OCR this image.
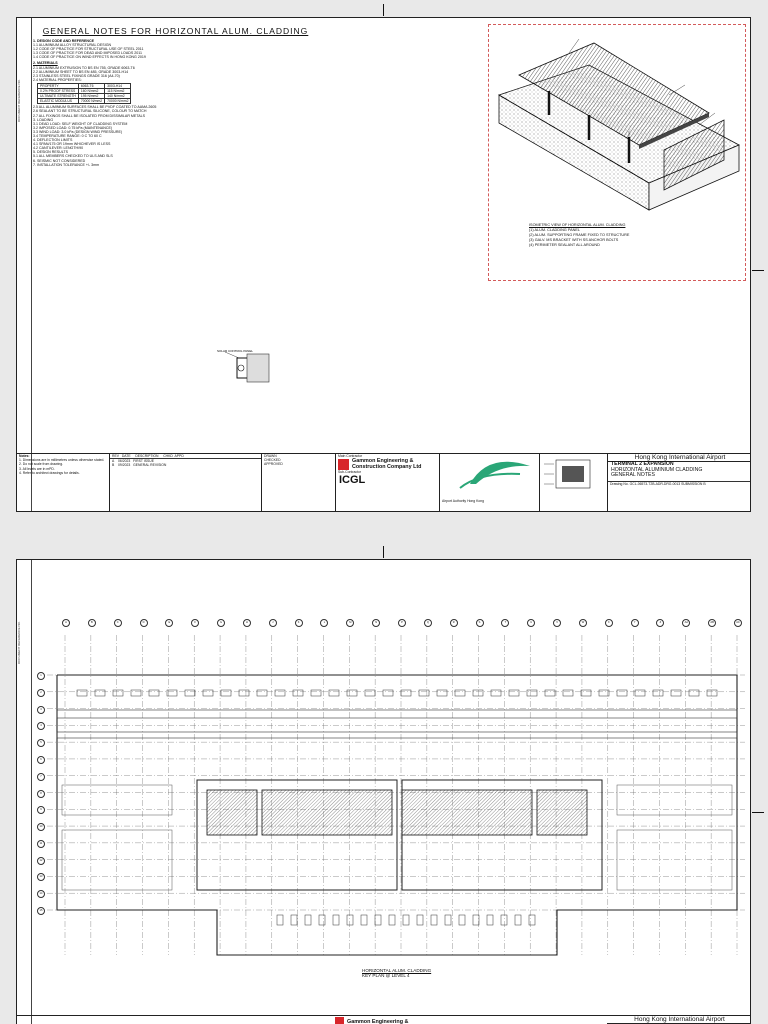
DOCUMENT REFERENCE NO.
GENERAL NOTES FOR HORIZONTAL ALUM. CLADDING
1. DESIGN CODE AND REFERENCE
1.1 ALUMINIUM ALLOY STRUCTURAL DESIGN
1.2 CODE OF PRACTICE FOR STRUCTURAL USE OF STEEL 2011
1.3 CODE OF PRACTICE FOR DEAD AND IMPOSED LOADS 2011
1.4 CODE OF PRACTICE ON WIND EFFECTS IN HONG KONG 2019
2. MATERIALS
2.1 ALUMINIUM EXTRUSION TO BS EN 755, GRADE 6063-T6
2.2 ALUMINIUM SHEET TO BS EN 485, GRADE 3003-H14
2.3 STAINLESS STEEL FIXINGS GRADE 316 (A4-70)
2.4 MATERIAL PROPERTIES:
PROPERTY	6063-T6	3003-H14
0.2% PROOF STRESS	160 N/mm2	115 N/mm2
ULTIMATE STRENGTH	195 N/mm2	140 N/mm2
ELASTIC MODULUS	70000 N/mm2	70000 N/mm2
2.5 ALL ALUMINIUM SURFACES SHALL BE PVDF COATED TO AAMA 2605
2.6 SEALANT TO BE STRUCTURAL SILICONE, COLOUR TO MATCH
2.7 ALL FIXINGS SHALL BE ISOLATED FROM DISSIMILAR METALS
3. LOADING
3.1 DEAD LOAD: SELF WEIGHT OF CLADDING SYSTEM
3.2 IMPOSED LOAD: 0.75 kPa (MAINTENANCE)
3.3 WIND LOAD: 3.0 kPa (DESIGN WIND PRESSURE)
3.4 TEMPERATURE RANGE: 0 C TO 60 C
4. DEFLECTION LIMITS
4.1 SPAN/175 OR 19mm WHICHEVER IS LESS
4.2 CANTILEVER: LENGTH/90
5. DESIGN RESULTS
5.1 ALL MEMBERS CHECKED TO ULS AND SLS
6. SEISMIC NOT CONSIDERED
7. INSTALLATION TOLERANCE +/- 3mm
SOLAR CONTROL PANEL
ISOMETRIC VIEW OF HORIZONTAL ALUM. CLADDING
(1) ALUM. CLADDING PANEL
(2) ALUM. SUPPORTING FRAME FIXED TO STRUCTURE
(3) GALV. MS BRACKET WITH SS ANCHOR BOLTS
(4) PERIMETER SEALANT ALL AROUND
Notes:
1. Dimensions are in millimetres unless otherwise stated.
2. Do not scale from drawing.
3. All levels are in mPD.
4. Refer to architect drawings for details.
REV DATE DESCRIPTION CHKD APPD
A 06/2023 FIRST ISSUE
B 09/2023 GENERAL REVISION
DRAWN
CHECKED
APPROVED
Main Contractor
Gammon Engineering & Construction Company Ltd
Sub-Contractor
ICGL
Airport Authority Hong Kong
Hong Kong International Airport
TERMINAL 2 EXPANSION
HORIZONTAL ALUMINIUM CLADDING
GENERAL NOTES
Drawing No. GCL-06573-T2B-ADR-DRG-0013 SUBMISSION B
DOCUMENT REFERENCE NO.	A	B	C	D	E	F	G	H	J	K	L	M	N	P	Q	R	S	T	U	V	W	X	Y	Z	AA	AB	AC
1
2
3
4
5
6
7
8
9
10
11
12
13
14
15
HORIZONTAL ALUM. CLADDING
KEY PLAN @ LEVEL 4
Gammon Engineering &	Hong Kong International Airport
